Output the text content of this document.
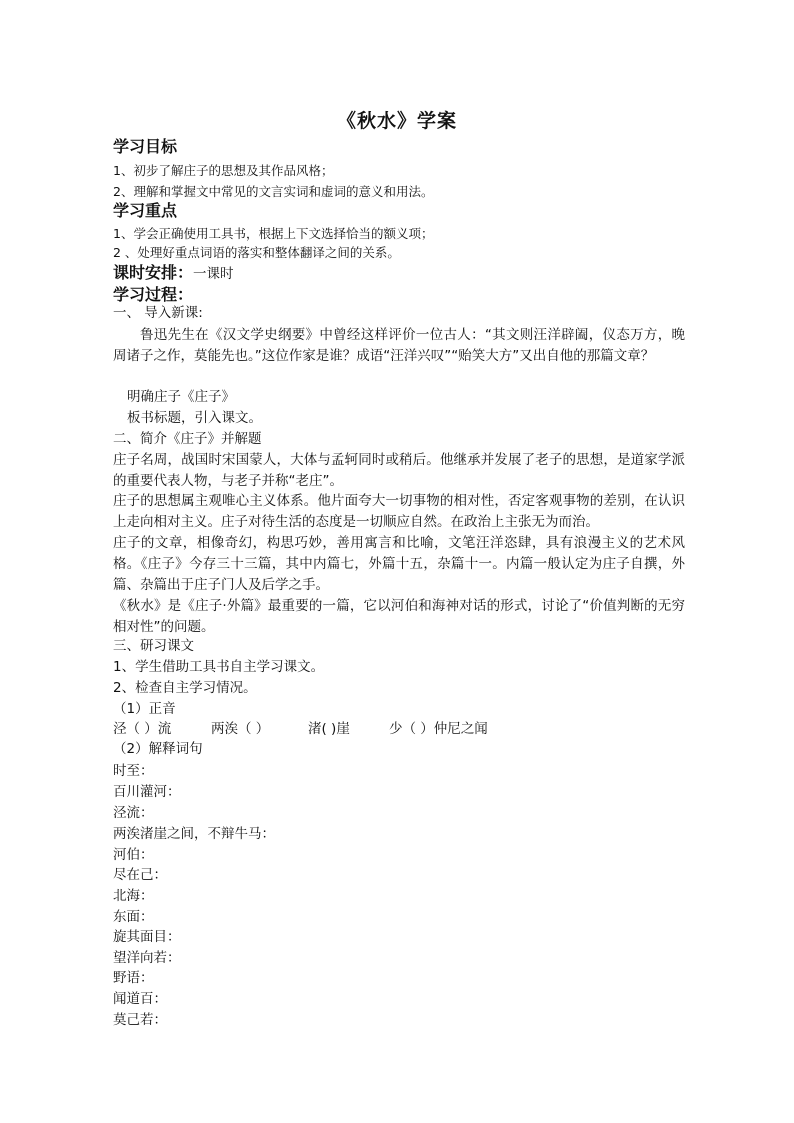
《秋水》学案
学习目标
1、初步了解庄子的思想及其作品风格；
2、理解和掌握文中常见的文言实词和虚词的意义和用法。
学习重点
1、学会正确使用工具书，根据上下文选择恰当的额义项；
2 、处理好重点词语的落实和整体翻译之间的关系。
课时安排：一课时
学习过程：
一、 导入新课:
鲁迅先生在《汉文学史纲要》中曾经这样评价一位古人：“其文则汪洋辟阖，仪态万方，晚周诸子之作，莫能先也。”这位作家是谁？成语“汪洋兴叹”“贻笑大方”又出自他的那篇文章？
明确庄子《庄子》
板书标题，引入课文。
二、简介《庄子》并解题
庄子名周，战国时宋国蒙人，大体与孟轲同时或稍后。他继承并发展了老子的思想，是道家学派的重要代表人物，与老子并称“老庄”。
庄子的思想属主观唯心主义体系。他片面夸大一切事物的相对性，否定客观事物的差别，在认识上走向相对主义。庄子对待生活的态度是一切顺应自然。在政治上主张无为而治。
庄子的文章，相像奇幻，构思巧妙，善用寓言和比喻，文笔汪洋恣肆，具有浪漫主义的艺术风格。《庄子》今存三十三篇，其中内篇七，外篇十五，杂篇十一。内篇一般认定为庄子自撰，外篇、杂篇出于庄子门人及后学之手。
《秋水》是《庄子·外篇》最重要的一篇，它以河伯和海神对话的形式，讨论了“价值判断的无穷相对性”的问题。
三、研习课文
1、学生借助工具书自主学习课文。
2、检查自主学习情况。
（1）正音
泾（ ）流	两涘（ ）	渚( )崖	少（ ）仲尼之闻
（2）解释词句
时至：
百川灌河：
泾流：
两涘渚崖之间，不辩牛马：
河伯：
尽在己：
北海：
东面：
旋其面目：
望洋向若：
野语：
闻道百：
莫己若：
